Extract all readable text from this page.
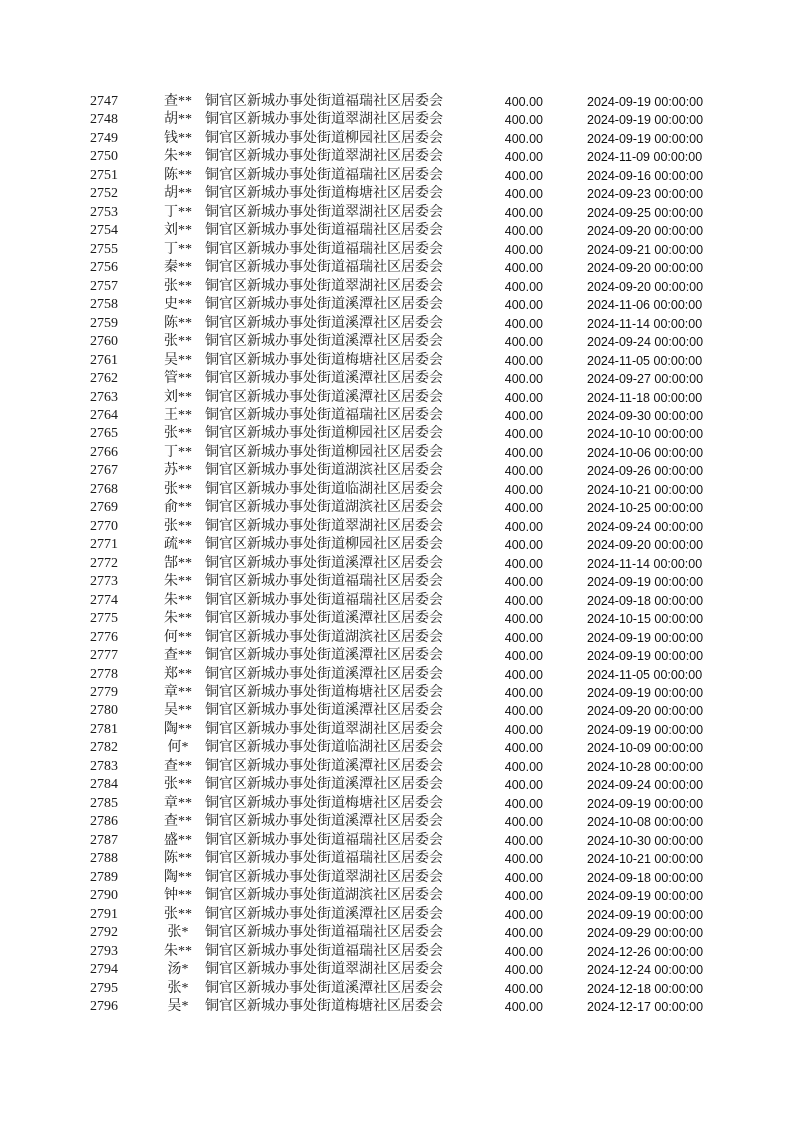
2747	查** 铜官区新城办事处街道福瑞社区居委会	400.00	2024-09-19 00:00:00
2748	胡** 铜官区新城办事处街道翠湖社区居委会	400.00	2024-09-19 00:00:00
2749	钱** 铜官区新城办事处街道柳园社区居委会	400.00	2024-09-19 00:00:00
2750	朱** 铜官区新城办事处街道翠湖社区居委会	400.00	2024-11-09 00:00:00
2751	陈** 铜官区新城办事处街道福瑞社区居委会	400.00	2024-09-16 00:00:00
2752	胡** 铜官区新城办事处街道梅塘社区居委会	400.00	2024-09-23 00:00:00
2753	丁** 铜官区新城办事处街道翠湖社区居委会	400.00	2024-09-25 00:00:00
2754	刘** 铜官区新城办事处街道福瑞社区居委会	400.00	2024-09-20 00:00:00
2755	丁** 铜官区新城办事处街道福瑞社区居委会	400.00	2024-09-21 00:00:00
2756	秦** 铜官区新城办事处街道福瑞社区居委会	400.00	2024-09-20 00:00:00
2757	张** 铜官区新城办事处街道翠湖社区居委会	400.00	2024-09-20 00:00:00
2758	史** 铜官区新城办事处街道溪潭社区居委会	400.00	2024-11-06 00:00:00
2759	陈** 铜官区新城办事处街道溪潭社区居委会	400.00	2024-11-14 00:00:00
2760	张** 铜官区新城办事处街道溪潭社区居委会	400.00	2024-09-24 00:00:00
2761	吴** 铜官区新城办事处街道梅塘社区居委会	400.00	2024-11-05 00:00:00
2762	管** 铜官区新城办事处街道溪潭社区居委会	400.00	2024-09-27 00:00:00
2763	刘** 铜官区新城办事处街道溪潭社区居委会	400.00	2024-11-18 00:00:00
2764	王** 铜官区新城办事处街道福瑞社区居委会	400.00	2024-09-30 00:00:00
2765	张** 铜官区新城办事处街道柳园社区居委会	400.00	2024-10-10 00:00:00
2766	丁** 铜官区新城办事处街道柳园社区居委会	400.00	2024-10-06 00:00:00
2767	苏** 铜官区新城办事处街道湖滨社区居委会	400.00	2024-09-26 00:00:00
2768	张** 铜官区新城办事处街道临湖社区居委会	400.00	2024-10-21 00:00:00
2769	俞** 铜官区新城办事处街道湖滨社区居委会	400.00	2024-10-25 00:00:00
2770	张** 铜官区新城办事处街道翠湖社区居委会	400.00	2024-09-24 00:00:00
2771	疏** 铜官区新城办事处街道柳园社区居委会	400.00	2024-09-20 00:00:00
2772	郜** 铜官区新城办事处街道溪潭社区居委会	400.00	2024-11-14 00:00:00
2773	朱** 铜官区新城办事处街道福瑞社区居委会	400.00	2024-09-19 00:00:00
2774	朱** 铜官区新城办事处街道福瑞社区居委会	400.00	2024-09-18 00:00:00
2775	朱** 铜官区新城办事处街道溪潭社区居委会	400.00	2024-10-15 00:00:00
2776	何** 铜官区新城办事处街道湖滨社区居委会	400.00	2024-09-19 00:00:00
2777	查** 铜官区新城办事处街道溪潭社区居委会	400.00	2024-09-19 00:00:00
2778	郑** 铜官区新城办事处街道溪潭社区居委会	400.00	2024-11-05 00:00:00
2779	章** 铜官区新城办事处街道梅塘社区居委会	400.00	2024-09-19 00:00:00
2780	吴** 铜官区新城办事处街道溪潭社区居委会	400.00	2024-09-20 00:00:00
2781	陶** 铜官区新城办事处街道翠湖社区居委会	400.00	2024-09-19 00:00:00
2782	何*	铜官区新城办事处街道临湖社区居委会	400.00	2024-10-09 00:00:00
2783	查** 铜官区新城办事处街道溪潭社区居委会	400.00	2024-10-28 00:00:00
2784	张** 铜官区新城办事处街道溪潭社区居委会	400.00	2024-09-24 00:00:00
2785	章** 铜官区新城办事处街道梅塘社区居委会	400.00	2024-09-19 00:00:00
2786	查** 铜官区新城办事处街道溪潭社区居委会	400.00	2024-10-08 00:00:00
2787	盛** 铜官区新城办事处街道福瑞社区居委会	400.00	2024-10-30 00:00:00
2788	陈** 铜官区新城办事处街道福瑞社区居委会	400.00	2024-10-21 00:00:00
2789	陶** 铜官区新城办事处街道翠湖社区居委会	400.00	2024-09-18 00:00:00
2790	钟** 铜官区新城办事处街道湖滨社区居委会	400.00	2024-09-19 00:00:00
2791	张** 铜官区新城办事处街道溪潭社区居委会	400.00	2024-09-19 00:00:00
2792	张*	铜官区新城办事处街道福瑞社区居委会	400.00	2024-09-29 00:00:00
2793	朱** 铜官区新城办事处街道福瑞社区居委会	400.00	2024-12-26 00:00:00
2794	汤*	铜官区新城办事处街道翠湖社区居委会	400.00	2024-12-24 00:00:00
2795	张*	铜官区新城办事处街道溪潭社区居委会	400.00	2024-12-18 00:00:00
2796	吴*	铜官区新城办事处街道梅塘社区居委会	400.00	2024-12-17 00:00:00
